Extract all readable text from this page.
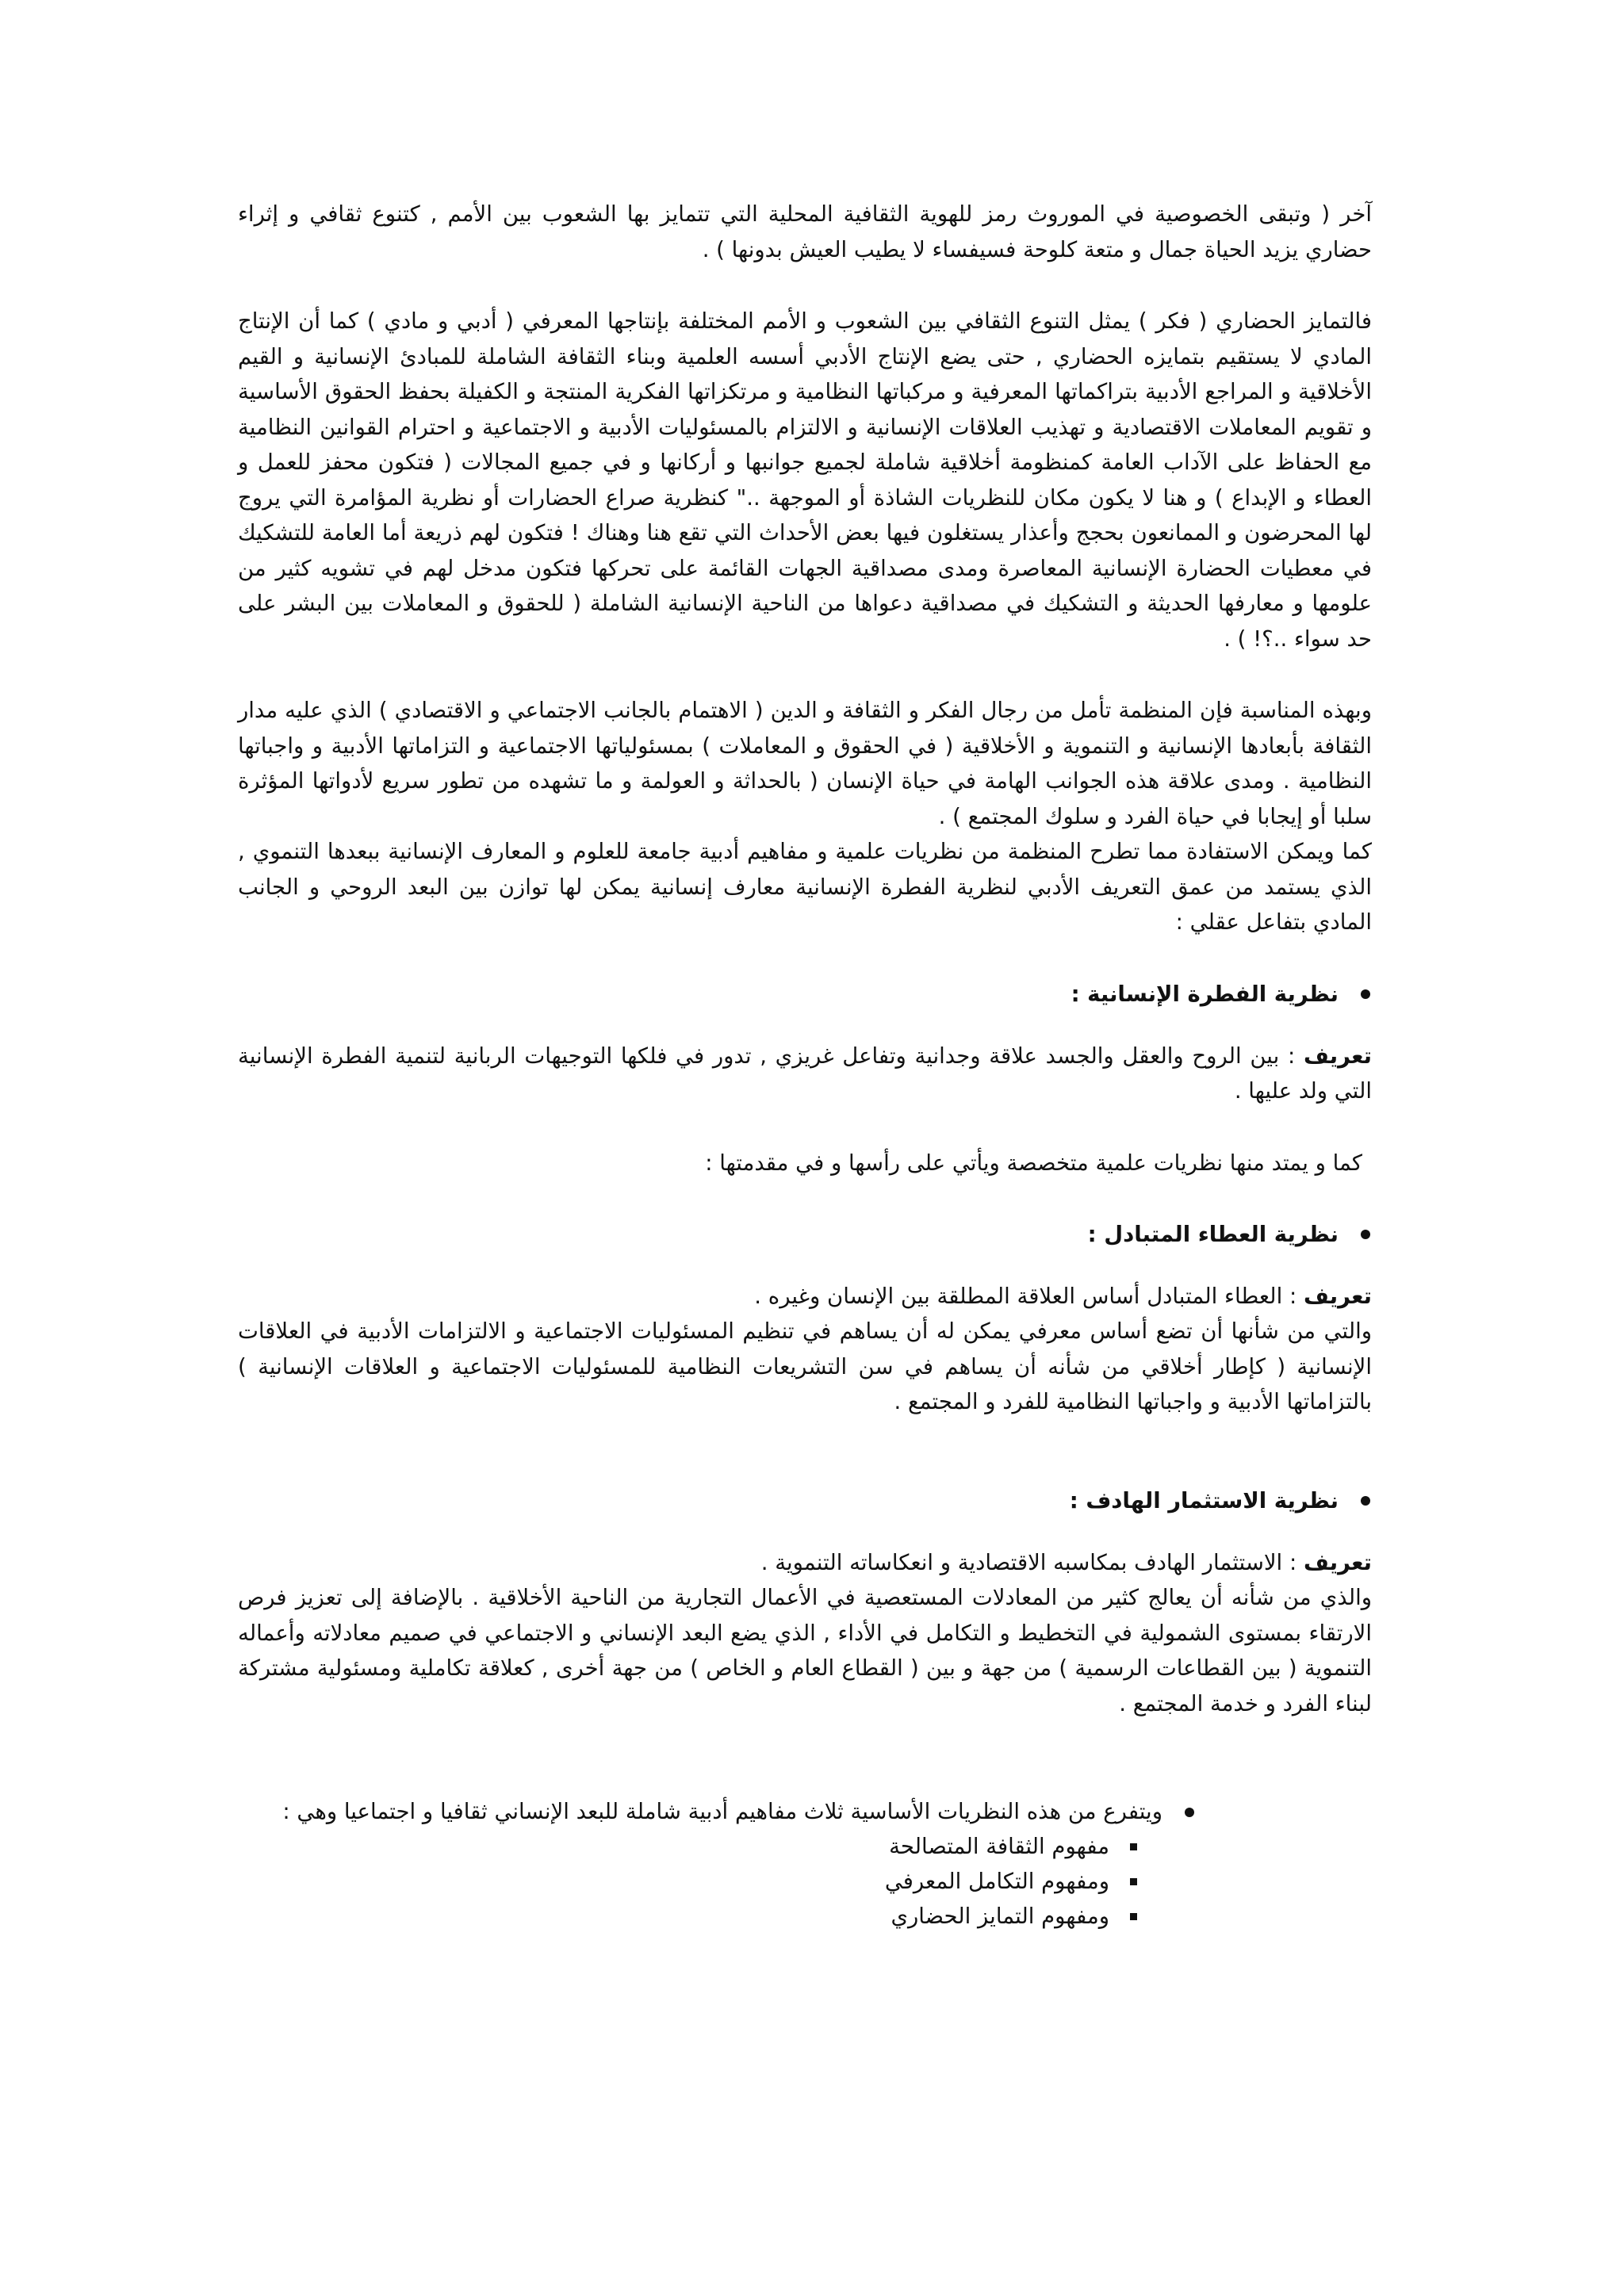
آخر ( وتبقى الخصوصية في الموروث رمز للهوية الثقافية المحلية التي تتمايز بها الشعوب بين الأمم , كتنوع ثقافي و إثراء حضاري يزيد الحياة جمال و متعة كلوحة فسيفساء لا يطيب العيش بدونها ) .

فالتمايز الحضاري ( فكر ) يمثل التنوع الثقافي بين الشعوب و الأمم المختلفة بإنتاجها المعرفي ( أدبي و مادي ) كما أن الإنتاج المادي لا يستقيم بتمايزه الحضاري , حتى يضع الإنتاج الأدبي أسسه العلمية وبناء الثقافة الشاملة للمبادئ الإنسانية و القيم الأخلاقية و المراجع الأدبية بتراكماتها المعرفية و مركباتها النظامية و مرتكزاتها الفكرية المنتجة و الكفيلة بحفظ الحقوق الأساسية و تقويم المعاملات الاقتصادية و تهذيب العلاقات الإنسانية و الالتزام بالمسئوليات الأدبية و الاجتماعية و احترام القوانين النظامية مع الحفاظ على الآداب العامة كمنظومة أخلاقية شاملة لجميع جوانبها و أركانها و في جميع المجالات ( فتكون محفز للعمل و العطاء و الإبداع ) و هنا لا يكون مكان للنظريات الشاذة أو الموجهة .." كنظرية صراع الحضارات أو نظرية المؤامرة التي يروج لها المحرضون و الممانعون بحجج وأعذار يستغلون فيها بعض الأحداث التي تقع هنا وهناك ! فتكون لهم ذريعة أما العامة للتشكيك في معطيات الحضارة الإنسانية المعاصرة ومدى مصداقية الجهات القائمة على تحركها فتكون مدخل لهم في تشويه كثير من علومها و معارفها الحديثة و التشكيك في مصداقية دعواها من الناحية الإنسانية الشاملة ( للحقوق و المعاملات بين البشر على حد سواء ..؟! ) .

وبهذه المناسبة فإن المنظمة تأمل من رجال الفكر و الثقافة و الدين ( الاهتمام بالجانب الاجتماعي و الاقتصادي ) الذي عليه مدار الثقافة بأبعادها الإنسانية و التنموية و الأخلاقية ( في الحقوق و المعاملات ) بمسئولياتها الاجتماعية و التزاماتها الأدبية و واجباتها النظامية . ومدى علاقة هذه الجوانب الهامة في حياة الإنسان ( بالحداثة و العولمة و ما تشهده من تطور سريع لأدواتها المؤثرة سلبا أو إيجابا في حياة الفرد و سلوك المجتمع ) .

كما ويمكن الاستفادة مما تطرح المنظمة من نظريات علمية و مفاهيم أدبية جامعة للعلوم و المعارف الإنسانية ببعدها التنموي , الذي يستمد من عمق التعريف الأدبي لنظرية الفطرة الإنسانية معارف إنسانية يمكن لها توازن بين البعد الروحي و الجانب المادي بتفاعل عقلي :

نظرية الفطرة الإنسانية :

تعريف : بين الروح والعقل والجسد علاقة وجدانية وتفاعل غريزي , تدور في فلكها التوجيهات الربانية لتنمية الفطرة الإنسانية التي ولد عليها .

كما و يمتد منها نظريات علمية متخصصة ويأتي على رأسها و في مقدمتها :

نظرية العطاء المتبادل :

تعريف : العطاء المتبادل أساس العلاقة المطلقة بين الإنسان وغيره .

والتي من شأنها أن تضع أساس معرفي يمكن له أن يساهم في تنظيم المسئوليات الاجتماعية و الالتزامات الأدبية في العلاقات الإنسانية ( كإطار أخلاقي من شأنه أن يساهم في سن التشريعات النظامية للمسئوليات الاجتماعية و العلاقات الإنسانية ) بالتزاماتها الأدبية و واجباتها النظامية للفرد و المجتمع .

نظرية الاستثمار الهادف :

تعريف : الاستثمار الهادف بمكاسبه الاقتصادية و انعكاساته التنموية .

والذي من شأنه أن يعالج كثير من المعادلات المستعصية في الأعمال التجارية من الناحية الأخلاقية . بالإضافة إلى تعزيز فرص الارتقاء بمستوى الشمولية في التخطيط و التكامل في الأداء , الذي يضع البعد الإنساني و الاجتماعي في صميم معادلاته وأعماله التنموية ( بين القطاعات الرسمية ) من جهة و بين ( القطاع العام و الخاص ) من جهة أخرى , كعلاقة تكاملية ومسئولية مشتركة لبناء الفرد و خدمة المجتمع .

ويتفرع من هذه النظريات الأساسية ثلاث مفاهيم أدبية شاملة للبعد الإنساني ثقافيا و اجتماعيا وهي :
مفهوم الثقافة المتصالحة
ومفهوم التكامل المعرفي
ومفهوم التمايز الحضاري
